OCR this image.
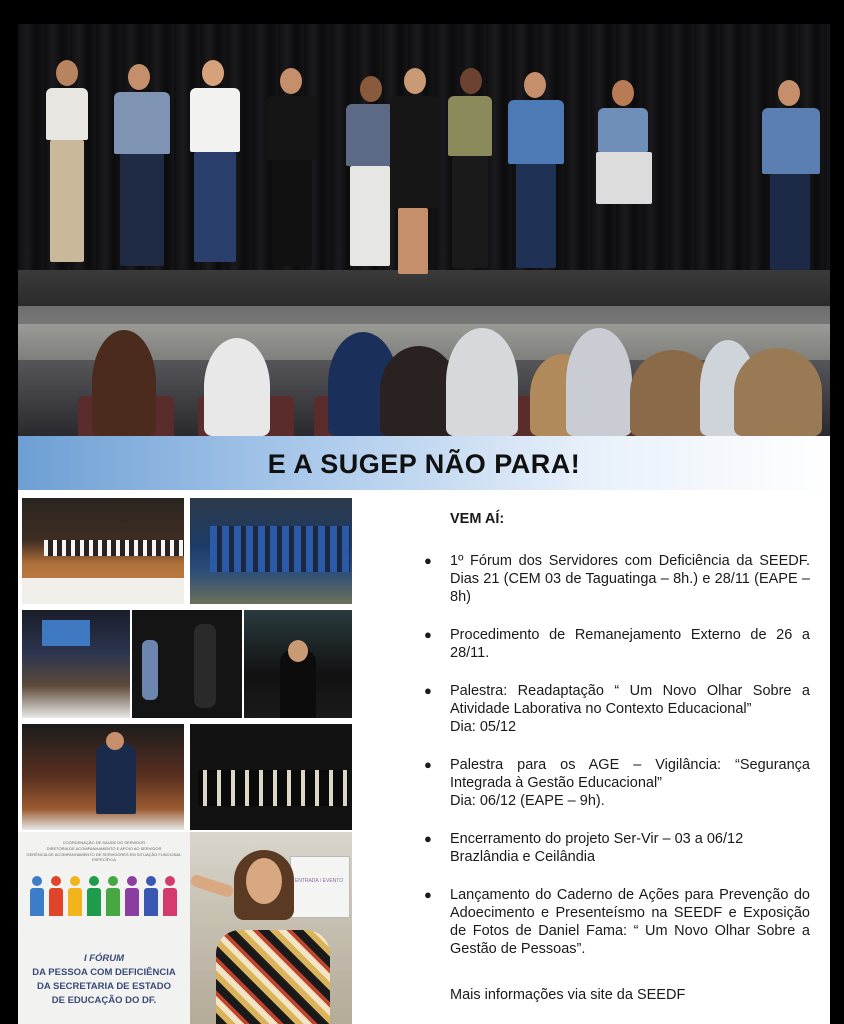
E A SUGEP NÃO PARA!
COORDENAÇÃO DE SAÚDE DO SERVIDOR
DIRETORIA DE ACOMPANHAMENTO E APOIO AO SERVIDOR
GERÊNCIA DE ACOMPANHAMENTO DE SERVIDORES EM SITUAÇÃO FUNCIONAL ESPECÍFICA
I FÓRUM
DA PESSOA COM DEFICIÊNCIA
DA SECRETARIA DE ESTADO
DE EDUCAÇÃO DO DF.
ENTRADA / EVENTO
VEM AÍ:
● 1º Fórum dos Servidores com Deficiência da SEEDF. Dias 21 (CEM 03 de Taguatinga – 8h.) e 28/11 (EAPE – 8h)
● Procedimento de Remanejamento Externo de 26 a 28/11.
● Palestra: Readaptação “ Um Novo Olhar Sobre a Atividade Laborativa no Contexto Educacional”
Dia: 05/12
● Palestra para os AGE – Vigilância: “Segurança Integrada à Gestão Educacional”
Dia: 06/12 (EAPE – 9h).
● Encerramento do projeto Ser-Vir – 03 a 06/12
Brazlândia e Ceilândia
● Lançamento do Caderno de Ações para Prevenção do Adoecimento e Presenteísmo na SEEDF e Exposição de Fotos de Daniel Fama: “ Um Novo Olhar Sobre a Gestão de Pessoas”.
Mais informações via site da SEEDF
